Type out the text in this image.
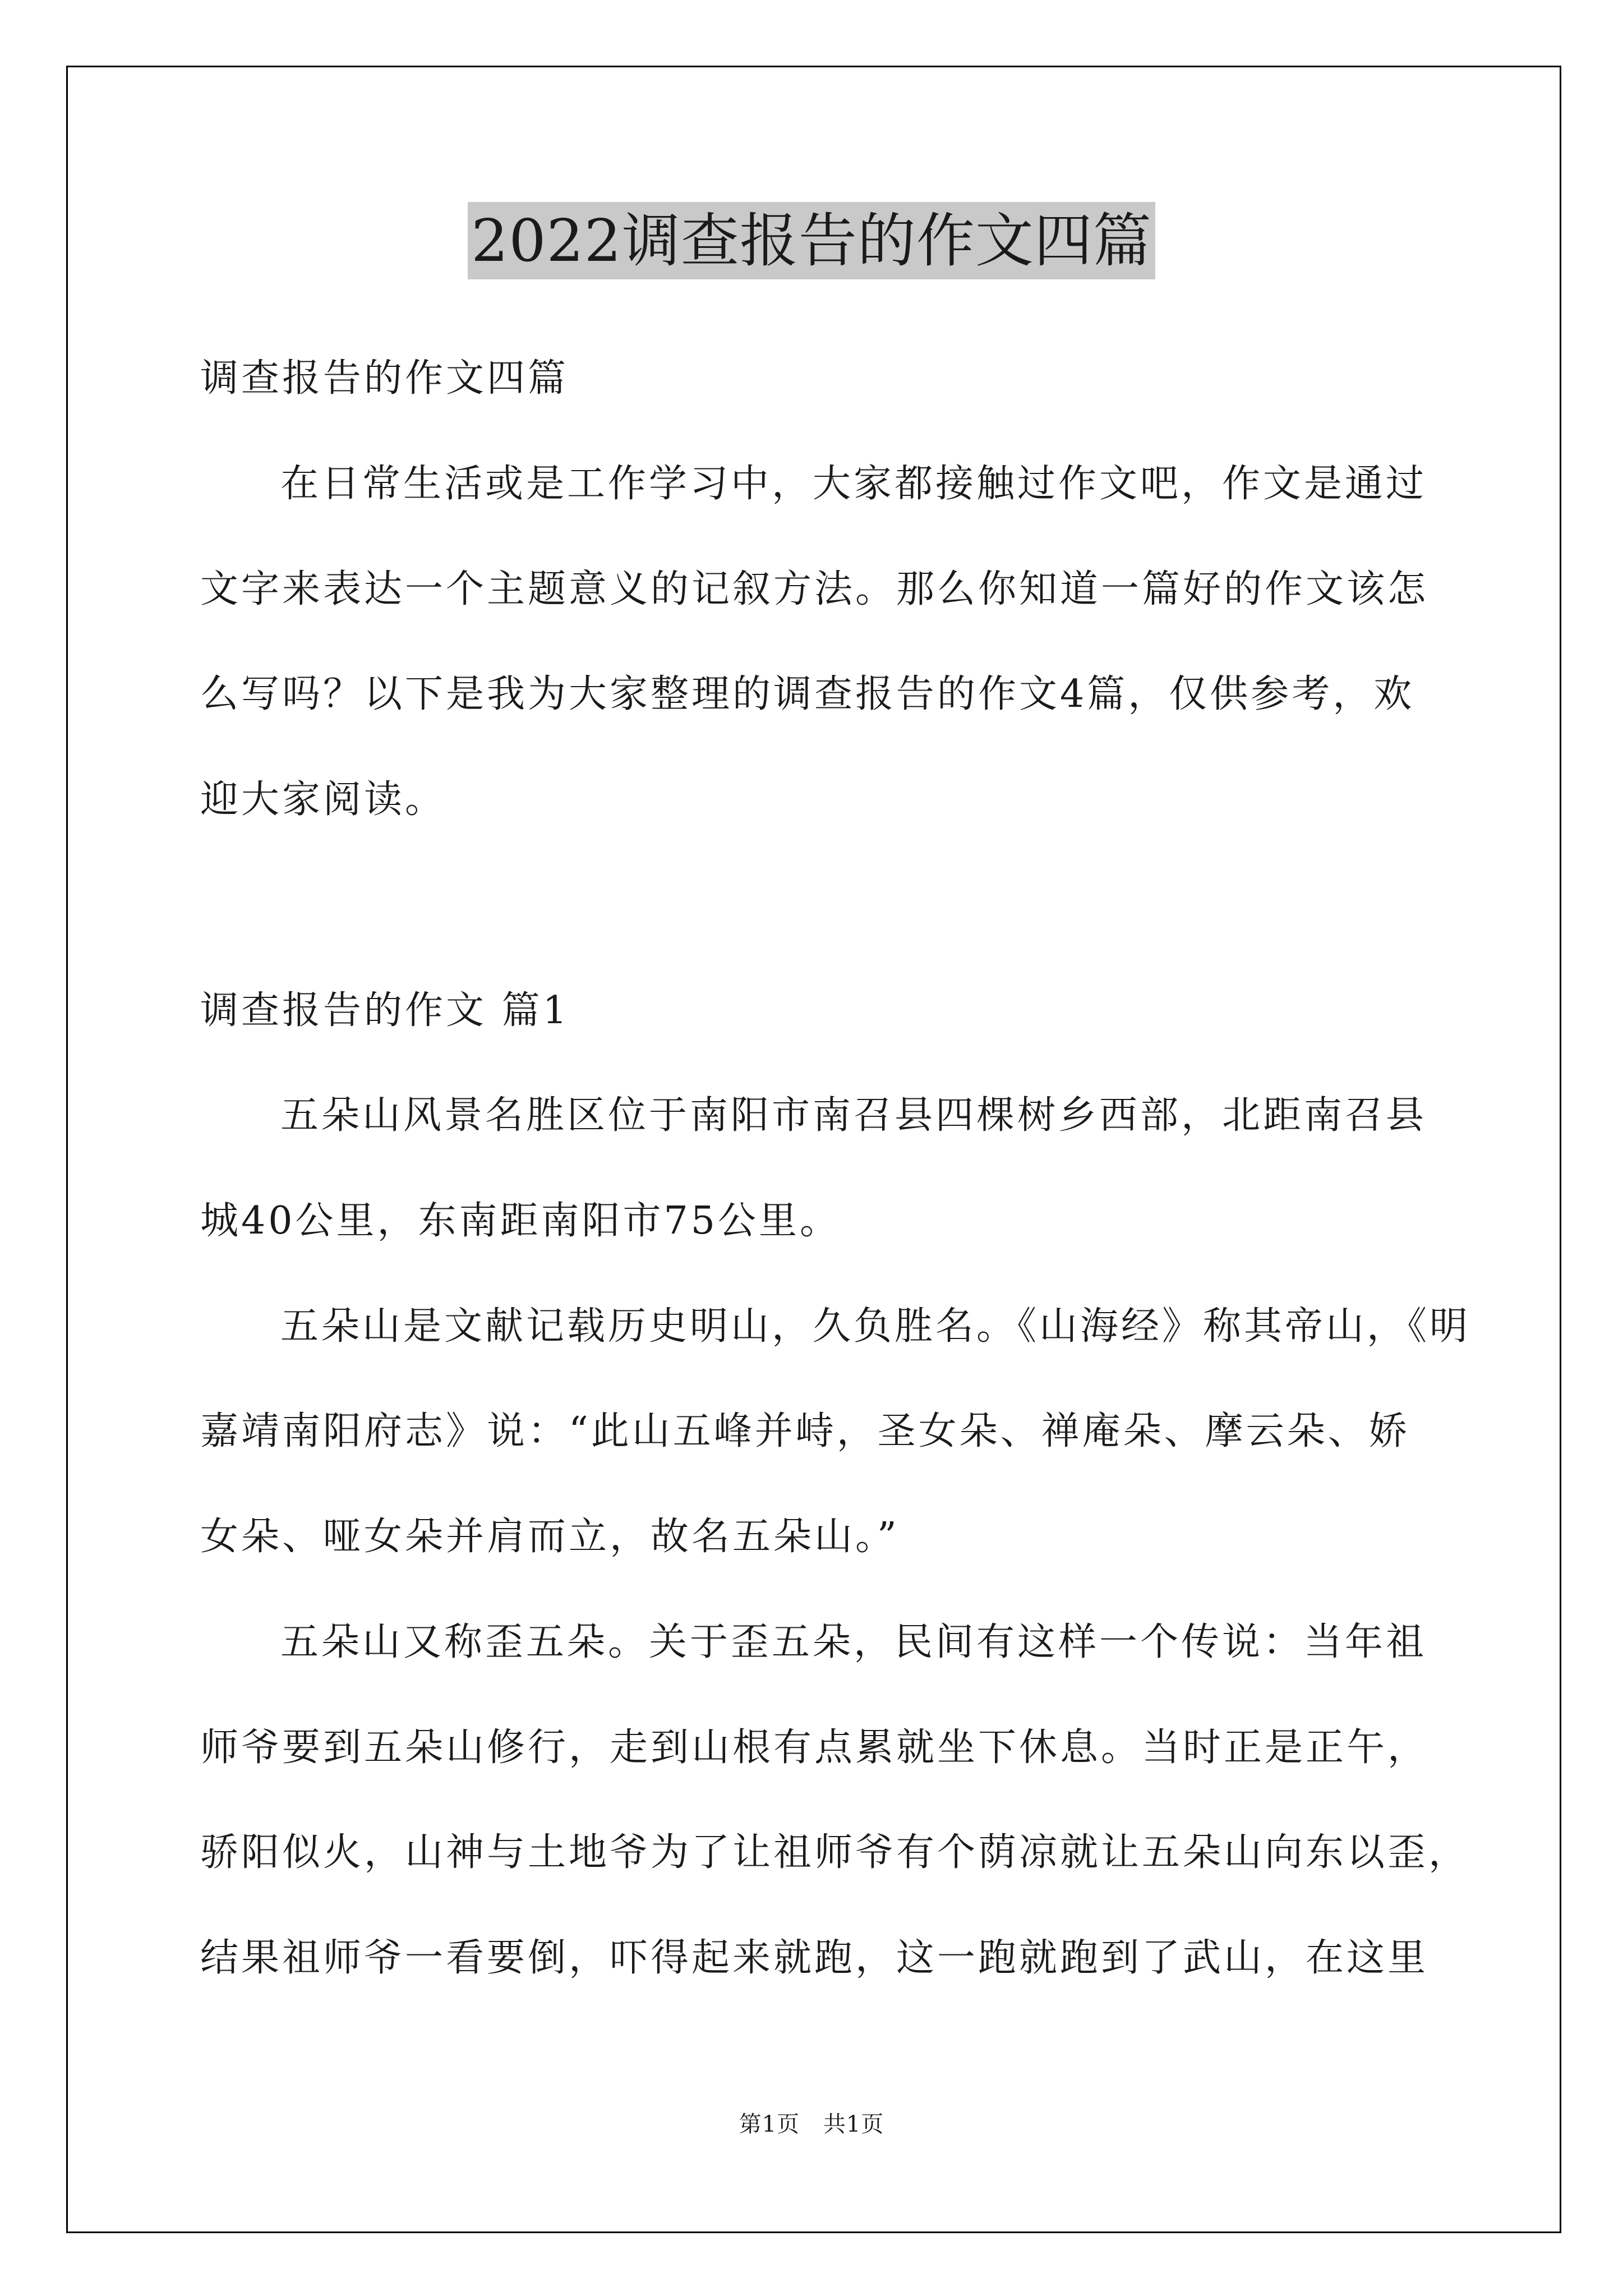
2022调查报告的作文四篇
调查报告的作文四篇
在日常生活或是工作学习中，大家都接触过作文吧，作文是通过
文字来表达一个主题意义的记叙方法。那么你知道一篇好的作文该怎
么写吗？以下是我为大家整理的调查报告的作文4篇，仅供参考，欢
迎大家阅读。
调查报告的作文 篇1
五朵山风景名胜区位于南阳市南召县四棵树乡西部，北距南召县
城40公里，东南距南阳市75公里。
五朵山是文献记载历史明山，久负胜名。《山海经》称其帝山，《明
嘉靖南阳府志》说：“此山五峰并峙，圣女朵、禅庵朵、摩云朵、娇
女朵、哑女朵并肩而立，故名五朵山。”
五朵山又称歪五朵。关于歪五朵，民间有这样一个传说：当年祖
师爷要到五朵山修行，走到山根有点累就坐下休息。当时正是正午，
骄阳似火，山神与土地爷为了让祖师爷有个荫凉就让五朵山向东以歪，
结果祖师爷一看要倒，吓得起来就跑，这一跑就跑到了武山，在这里
第1页 共1页
